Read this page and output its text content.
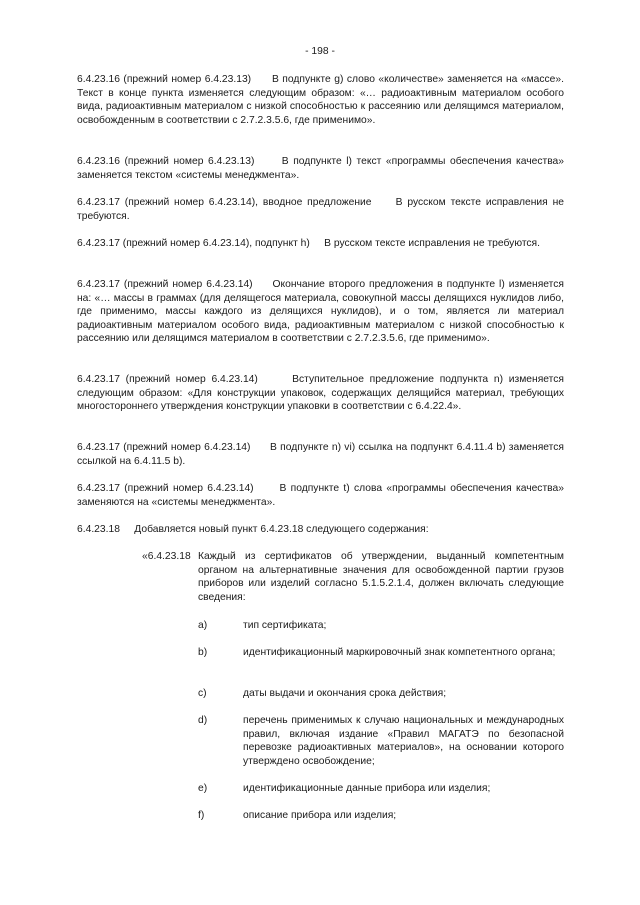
- 198 -

6.4.23.16 (прежний номер 6.4.23.13) В подпункте g) слово «количестве» заменяется на «массе». Текст в конце пункта изменяется следующим образом: «… радиоактивным материалом особого вида, радиоактивным материалом с низкой способностью к рассеянию или делящимся материалом, освобожденным в соответствии с 2.7.2.3.5.6, где применимо».

6.4.23.16 (прежний номер 6.4.23.13)	В подпункте l) текст «программы обеспечения качества» заменяется текстом «системы менеджмента».

6.4.23.17 (прежний номер 6.4.23.14), вводное предложение В русском тексте исправления не требуются.

6.4.23.17 (прежний номер 6.4.23.14), подпункт h) В русском тексте исправления не требуются.

6.4.23.17 (прежний номер 6.4.23.14) Окончание второго предложения в подпункте l) изменяется на: «… массы в граммах (для делящегося материала, совокупной массы делящихся нуклидов либо, где применимо, массы каждого из делящихся нуклидов), и о том, является ли материал радиоактивным материалом особого вида, радиоактивным материалом с низкой способностью к рассеянию или делящимся материалом в соответствии с 2.7.2.3.5.6, где применимо».

6.4.23.17 (прежний номер 6.4.23.14)	Вступительное предложение подпункта n) изменяется следующим образом: «Для конструкции упаковок, содержащих делящийся материал, требующих многостороннего утверждения конструкции упаковки в соответствии с 6.4.22.4».

6.4.23.17 (прежний номер 6.4.23.14) В подпункте n) vi) ссылка на подпункт 6.4.11.4 b) заменяется ссылкой на 6.4.11.5 b).

6.4.23.17 (прежний номер 6.4.23.14)	В подпункте t) слова «программы обеспечения качества» заменяются на «системы менеджмента».

6.4.23.18 Добавляется новый пункт 6.4.23.18 следующего содержания:

«6.4.23.18 Каждый из сертификатов об утверждении, выданный компетентным органом на альтернативные значения для освобожденной партии грузов приборов или изделий согласно 5.1.5.2.1.4, должен включать следующие сведения:
a)	тип сертификата;
b)	идентификационный маркировочный знак компетентного органа;
c)	даты выдачи и окончания срока действия;
d)	перечень применимых к случаю национальных и международных правил, включая издание «Правил МАГАТЭ по безопасной перевозке радиоактивных материалов», на основании которого утверждено освобождение;
e)	идентификационные данные прибора или изделия;
f)	описание прибора или изделия;
